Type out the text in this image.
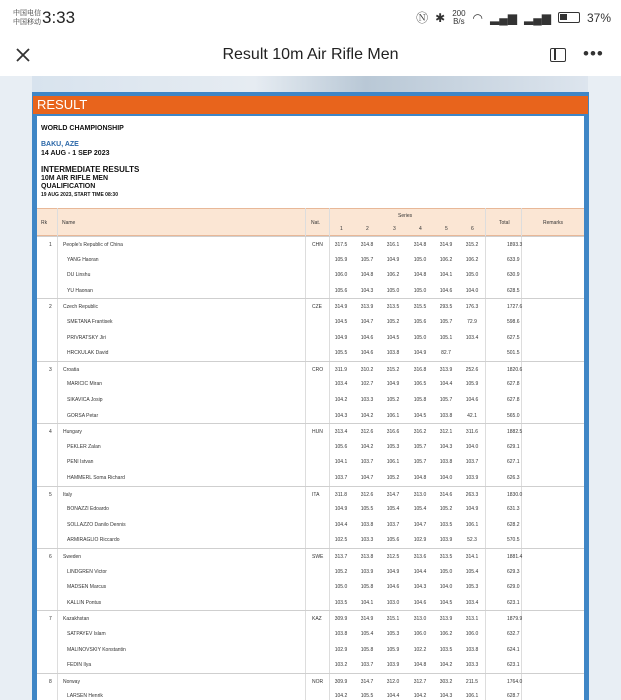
中国电信
中国移动 3:33	Ⓝ ✱ 200
B/s ◠ ▂▄▆ ▂▄▆	37%
Result 10m Air Rifle Men	•••
RESULT
WORLD CHAMPIONSHIP
BAKU, AZE
14 AUG - 1 SEP 2023
INTERMEDIATE RESULTS
10M AIR RIFLE MEN
QUALIFICATION
19 AUG 2023, START TIME 08:30
Rk	Name	Nat.
Series
1	2	3	4	5	6
Total	Remarks
1 People's Republic of China	CHN	317.5	314.8	316.1	314.8	314.9	315.2	1893.3
YANG Haoran	105.9	105.7	104.9	105.0	106.2	106.2	633.9
DU Linshu	106.0	104.8	106.2	104.8	104.1	105.0	630.9
YU Haonan	105.6	104.3	105.0	105.0	104.6	104.0	628.5
2 Czech Republic	CZE	314.9	313.9	313.5	315.5	293.5	176.3	1727.6
SMETANA Frantisek	104.5	104.7	105.2	105.6	105.7	72.9	598.6
PRIVRATSKY Jiri	104.9	104.6	104.5	105.0	105.1	103.4	627.5
HRCKULAK David	105.5	104.6	103.8	104.9	82.7	501.5
3 Croatia	CRO	311.9	310.2	315.2	316.8	313.9	252.6	1820.6
MARICIC Miran	103.4	102.7	104.9	106.5	104.4	105.9	627.8
SIKAVICA Josip	104.2	103.3	105.2	105.8	105.7	104.6	627.8
GORSA Petar	104.3	104.2	106.1	104.5	103.8	42.1	565.0
4 Hungary	HUN	313.4	312.6	316.6	316.2	312.1	311.6	1882.5
PEKLER Zalan	105.6	104.2	105.3	105.7	104.3	104.0	629.1
PENI Istvan	104.1	103.7	106.1	105.7	103.8	103.7	627.1
HAMMERL Soma Richard	103.7	104.7	105.2	104.8	104.0	103.9	626.3
5 Italy	ITA	311.8	312.6	314.7	313.0	314.6	263.3	1830.0
BONAZZI Edoardo	104.9	105.5	105.4	105.4	105.2	104.9	631.3
SOLLAZZO Danilo Dennis	104.4	103.8	103.7	104.7	103.5	106.1	628.2
ARMIRAGLIO Riccardo	102.5	103.3	105.6	102.9	103.9	52.3	570.5
6 Sweden	SWE	313.7	313.8	312.5	313.6	313.5	314.1	1881.4
LINDGREN Victor	105.2	103.9	104.9	104.4	105.0	105.4	629.3
MADSEN Marcus	105.0	105.8	104.6	104.3	104.0	105.3	629.0
KALLIN Pontus	103.5	104.1	103.0	104.6	104.5	103.4	623.1
7 Kazakhstan	KAZ	309.9	314.9	315.1	313.0	313.9	313.1	1879.9
SATPAYEV Islam	103.8	105.4	105.3	106.0	106.2	106.0	632.7
MALINOVSKIY Konstantin	102.9	105.8	105.9	102.2	103.5	103.8	624.1
FEDIN Ilya	103.2	103.7	103.9	104.8	104.2	103.3	623.1
8 Norway	NOR	309.9	314.7	312.0	312.7	303.2	211.5	1764.0
LARSEN Henrik	104.2	105.5	104.4	104.2	104.3	106.1	628.7
